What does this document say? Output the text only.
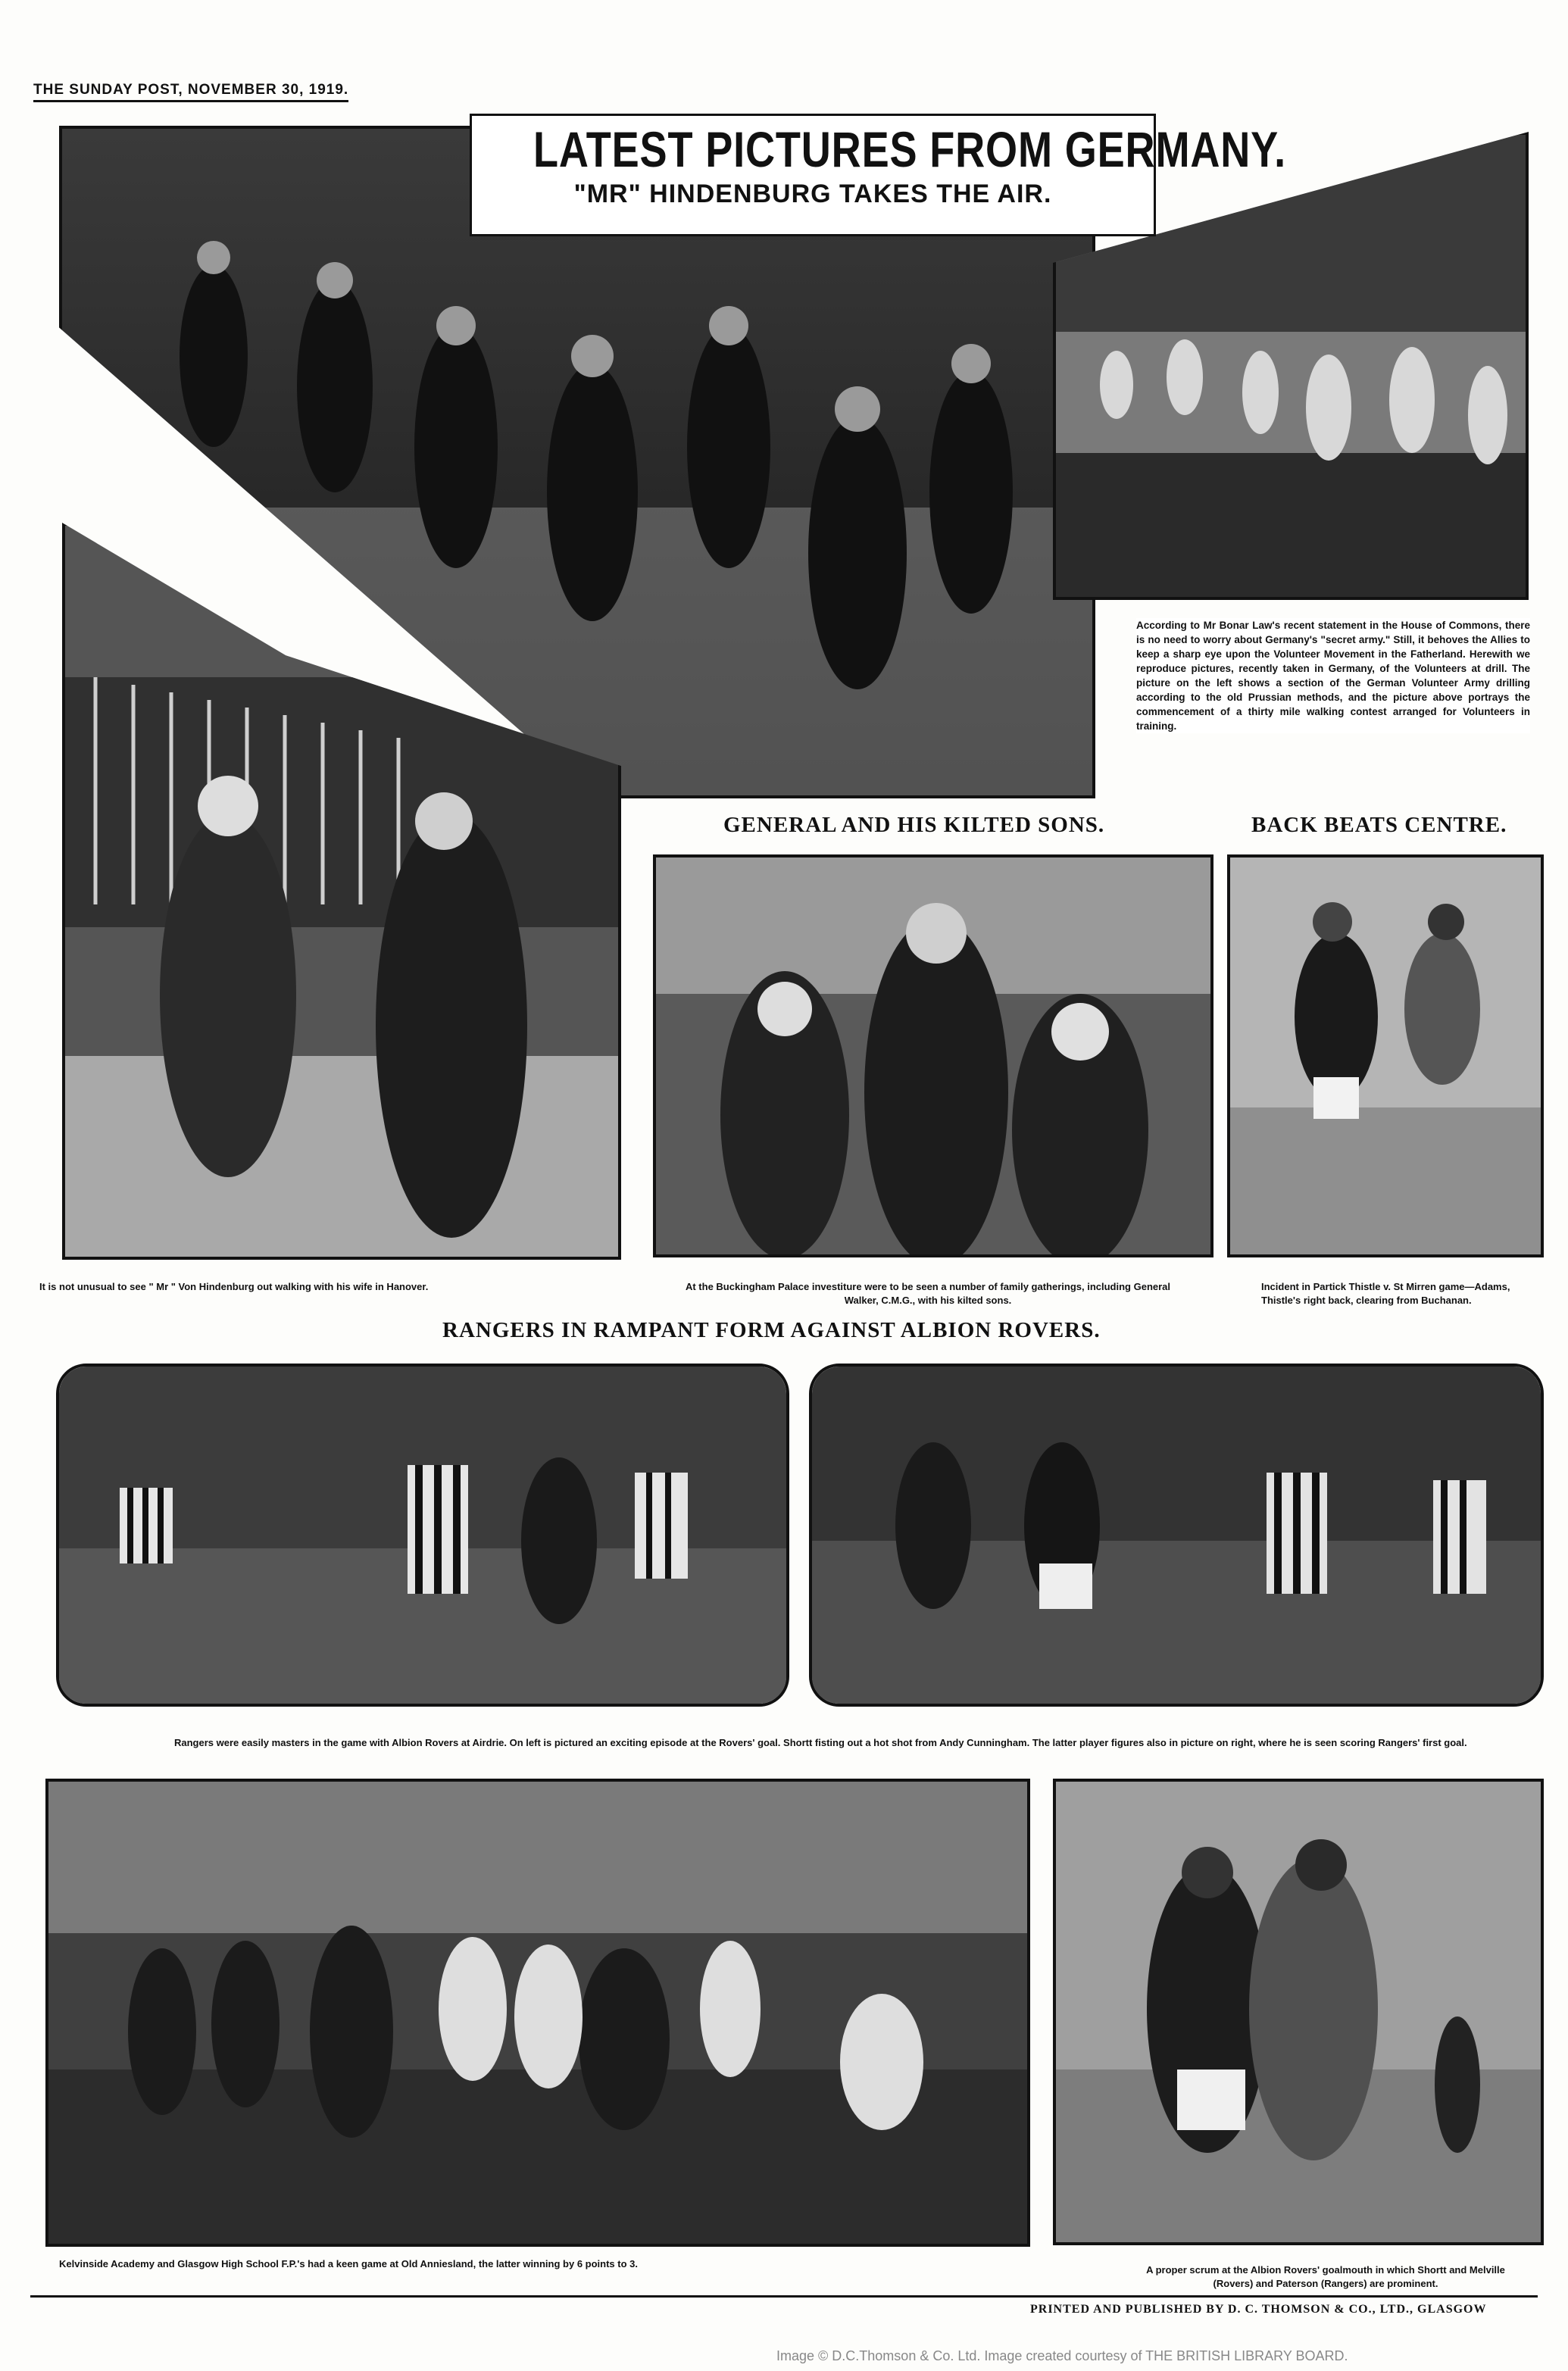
THE SUNDAY POST, NOVEMBER 30, 1919.
LATEST PICTURES FROM GERMANY.
"MR" HINDENBURG TAKES THE AIR.
According to Mr Bonar Law's recent statement in the House of Commons, there is no need to worry about Germany's "secret army." Still, it behoves the Allies to keep a sharp eye upon the Volunteer Movement in the Fatherland. Herewith we reproduce pictures, recently taken in Germany, of the Volunteers at drill. The picture on the left shows a section of the German Volunteer Army drilling according to the old Prussian methods, and the picture above portrays the commencement of a thirty mile walking contest arranged for Volunteers in training.
It is not unusual to see " Mr " Von Hindenburg out walking with his wife in Hanover.
GENERAL AND HIS KILTED SONS.
At the Buckingham Palace investiture were to be seen a number of family gatherings, including General Walker, C.M.G., with his kilted sons.
BACK BEATS CENTRE.
Incident in Partick Thistle v. St Mirren game—Adams, Thistle's right back, clearing from Buchanan.
RANGERS IN RAMPANT FORM AGAINST ALBION ROVERS.
Rangers were easily masters in the game with Albion Rovers at Airdrie. On left is pictured an exciting episode at the Rovers' goal. Shortt fisting out a hot shot from Andy Cunningham. The latter player figures also in picture on right, where he is seen scoring Rangers' first goal.
Kelvinside Academy and Glasgow High School F.P.'s had a keen game at Old Anniesland, the latter winning by 6 points to 3.
A proper scrum at the Albion Rovers' goalmouth in which Shortt and Melville (Rovers) and Paterson (Rangers) are prominent.
PRINTED AND PUBLISHED BY D. C. THOMSON & CO., LTD., GLASGOW
Image © D.C.Thomson & Co. Ltd. Image created courtesy of THE BRITISH LIBRARY BOARD.
